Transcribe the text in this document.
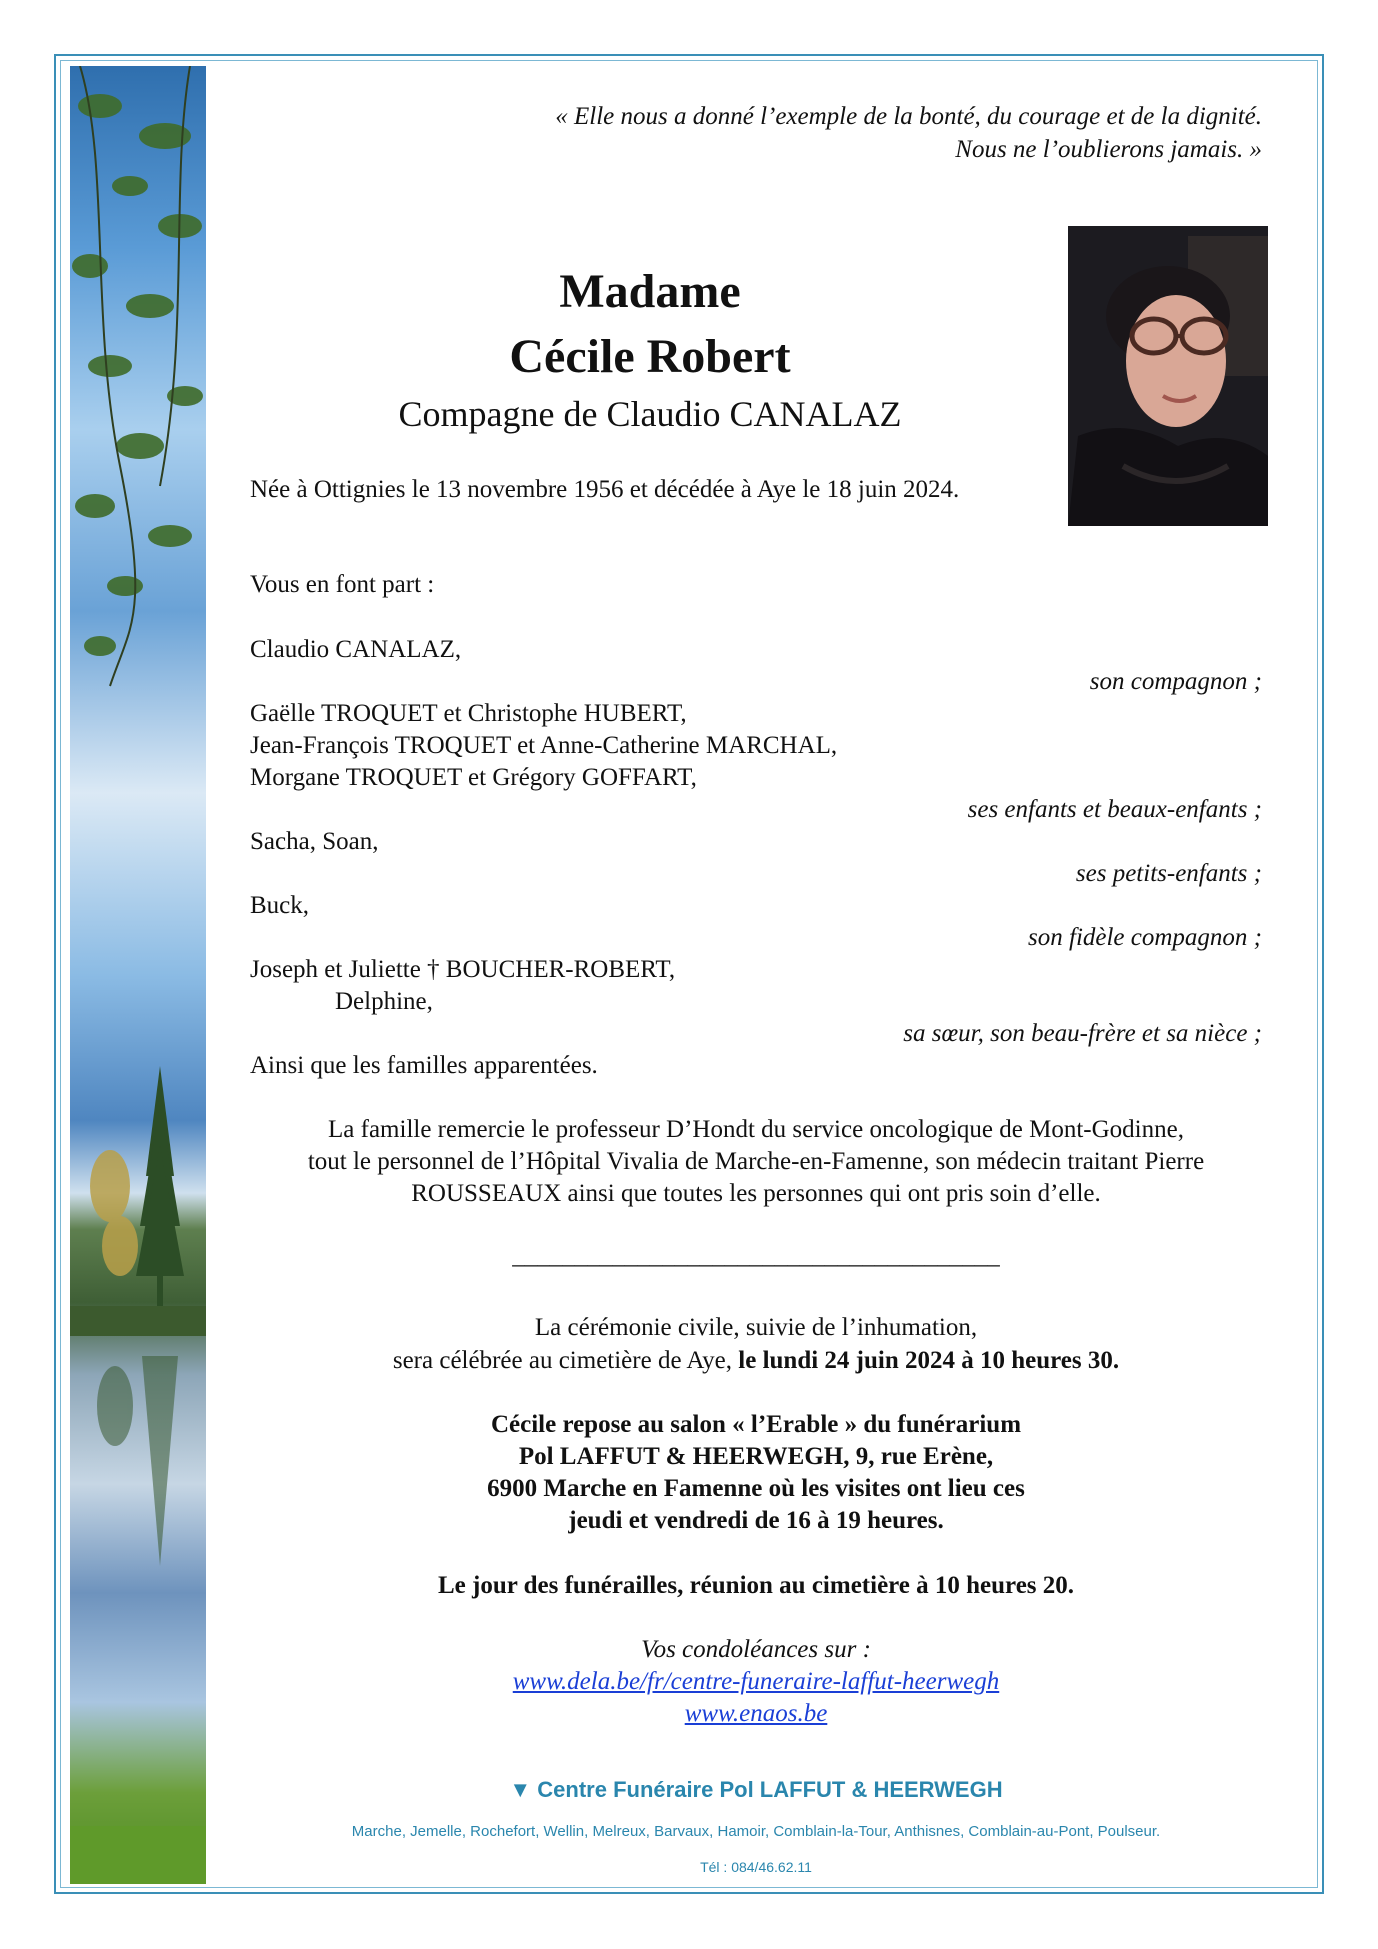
« Elle nous a donné l’exemple de la bonté, du courage et de la dignité.
Nous ne l’oublierons jamais. »
Madame
Cécile Robert
Compagne de Claudio CANALAZ
Née à Ottignies le 13 novembre 1956 et décédée à Aye le 18 juin 2024.
Vous en font part :
Claudio CANALAZ,
son compagnon ;
Gaëlle TROQUET et Christophe HUBERT,
Jean-François TROQUET et Anne-Catherine MARCHAL,
Morgane TROQUET et Grégory GOFFART,
ses enfants et beaux-enfants ;
Sacha, Soan,
ses petits-enfants ;
Buck,
son fidèle compagnon ;
Joseph et Juliette † BOUCHER-ROBERT,
Delphine,
sa sœur, son beau-frère et sa nièce ;
Ainsi que les familles apparentées.
La famille remercie le professeur D’Hondt du service oncologique de Mont-Godinne,
tout le personnel de l’Hôpital Vivalia de Marche-en-Famenne, son médecin traitant Pierre
ROUSSEAUX ainsi que toutes les personnes qui ont pris soin d’elle.
_______________________________________
La cérémonie civile, suivie de l’inhumation,
sera célébrée au cimetière de Aye, le lundi 24 juin 2024 à 10 heures 30.
Cécile repose au salon « l’Erable » du funérarium
Pol LAFFUT & HEERWEGH, 9, rue Erène,
6900 Marche en Famenne où les visites ont lieu ces
jeudi et vendredi de 16 à 19 heures.
Le jour des funérailles, réunion au cimetière à 10 heures 20.
Vos condoléances sur :
www.dela.be/fr/centre-funeraire-laffut-heerwegh
www.enaos.be
▼ Centre Funéraire Pol LAFFUT & HEERWEGH
Marche, Jemelle, Rochefort, Wellin, Melreux, Barvaux, Hamoir, Comblain-la-Tour, Anthisnes, Comblain-au-Pont, Poulseur.
Tél : 084/46.62.11
